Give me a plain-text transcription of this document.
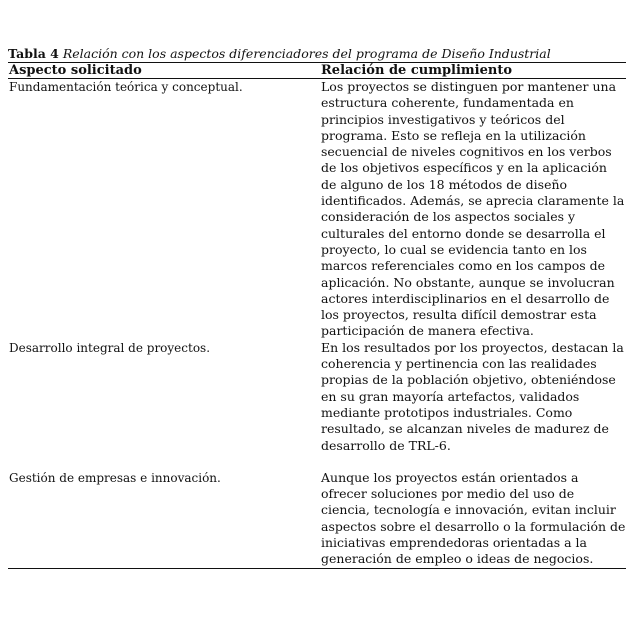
Tabla 4 Relación con los aspectos diferenciadores del programa de Diseño Industrial

Aspecto solicitado	Relación de cumplimiento
Fundamentación teórica y conceptual.	Los proyectos se distinguen por mantener una estructura coherente, fundamentada en principios investigativos y teóricos del programa. Esto se refleja en la utilización secuencial de niveles cognitivos en los verbos de los objetivos específicos y en la aplicación de alguno de los 18 métodos de diseño identificados. Además, se aprecia claramente la consideración de los aspectos sociales y culturales del entorno donde se desarrolla el proyecto, lo cual se evidencia tanto en los marcos referenciales como en los campos de aplicación. No obstante, aunque se involucran actores interdisciplinarios en el desarrollo de los proyectos, resulta difícil demostrar esta participación de manera efectiva.
Desarrollo integral de proyectos.	En los resultados por los proyectos, destacan la coherencia y pertinencia con las realidades propias de la población objetivo, obteniéndose en su gran mayoría artefactos, validados mediante prototipos industriales. Como resultado, se alcanzan niveles de madurez de desarrollo de TRL-6.
Gestión de empresas e innovación.	Aunque los proyectos están orientados a ofrecer soluciones por medio del uso de ciencia, tecnología e innovación, evitan incluir aspectos sobre el desarrollo o la formulación de iniciativas emprendedoras orientadas a la generación de empleo o ideas de negocios.
